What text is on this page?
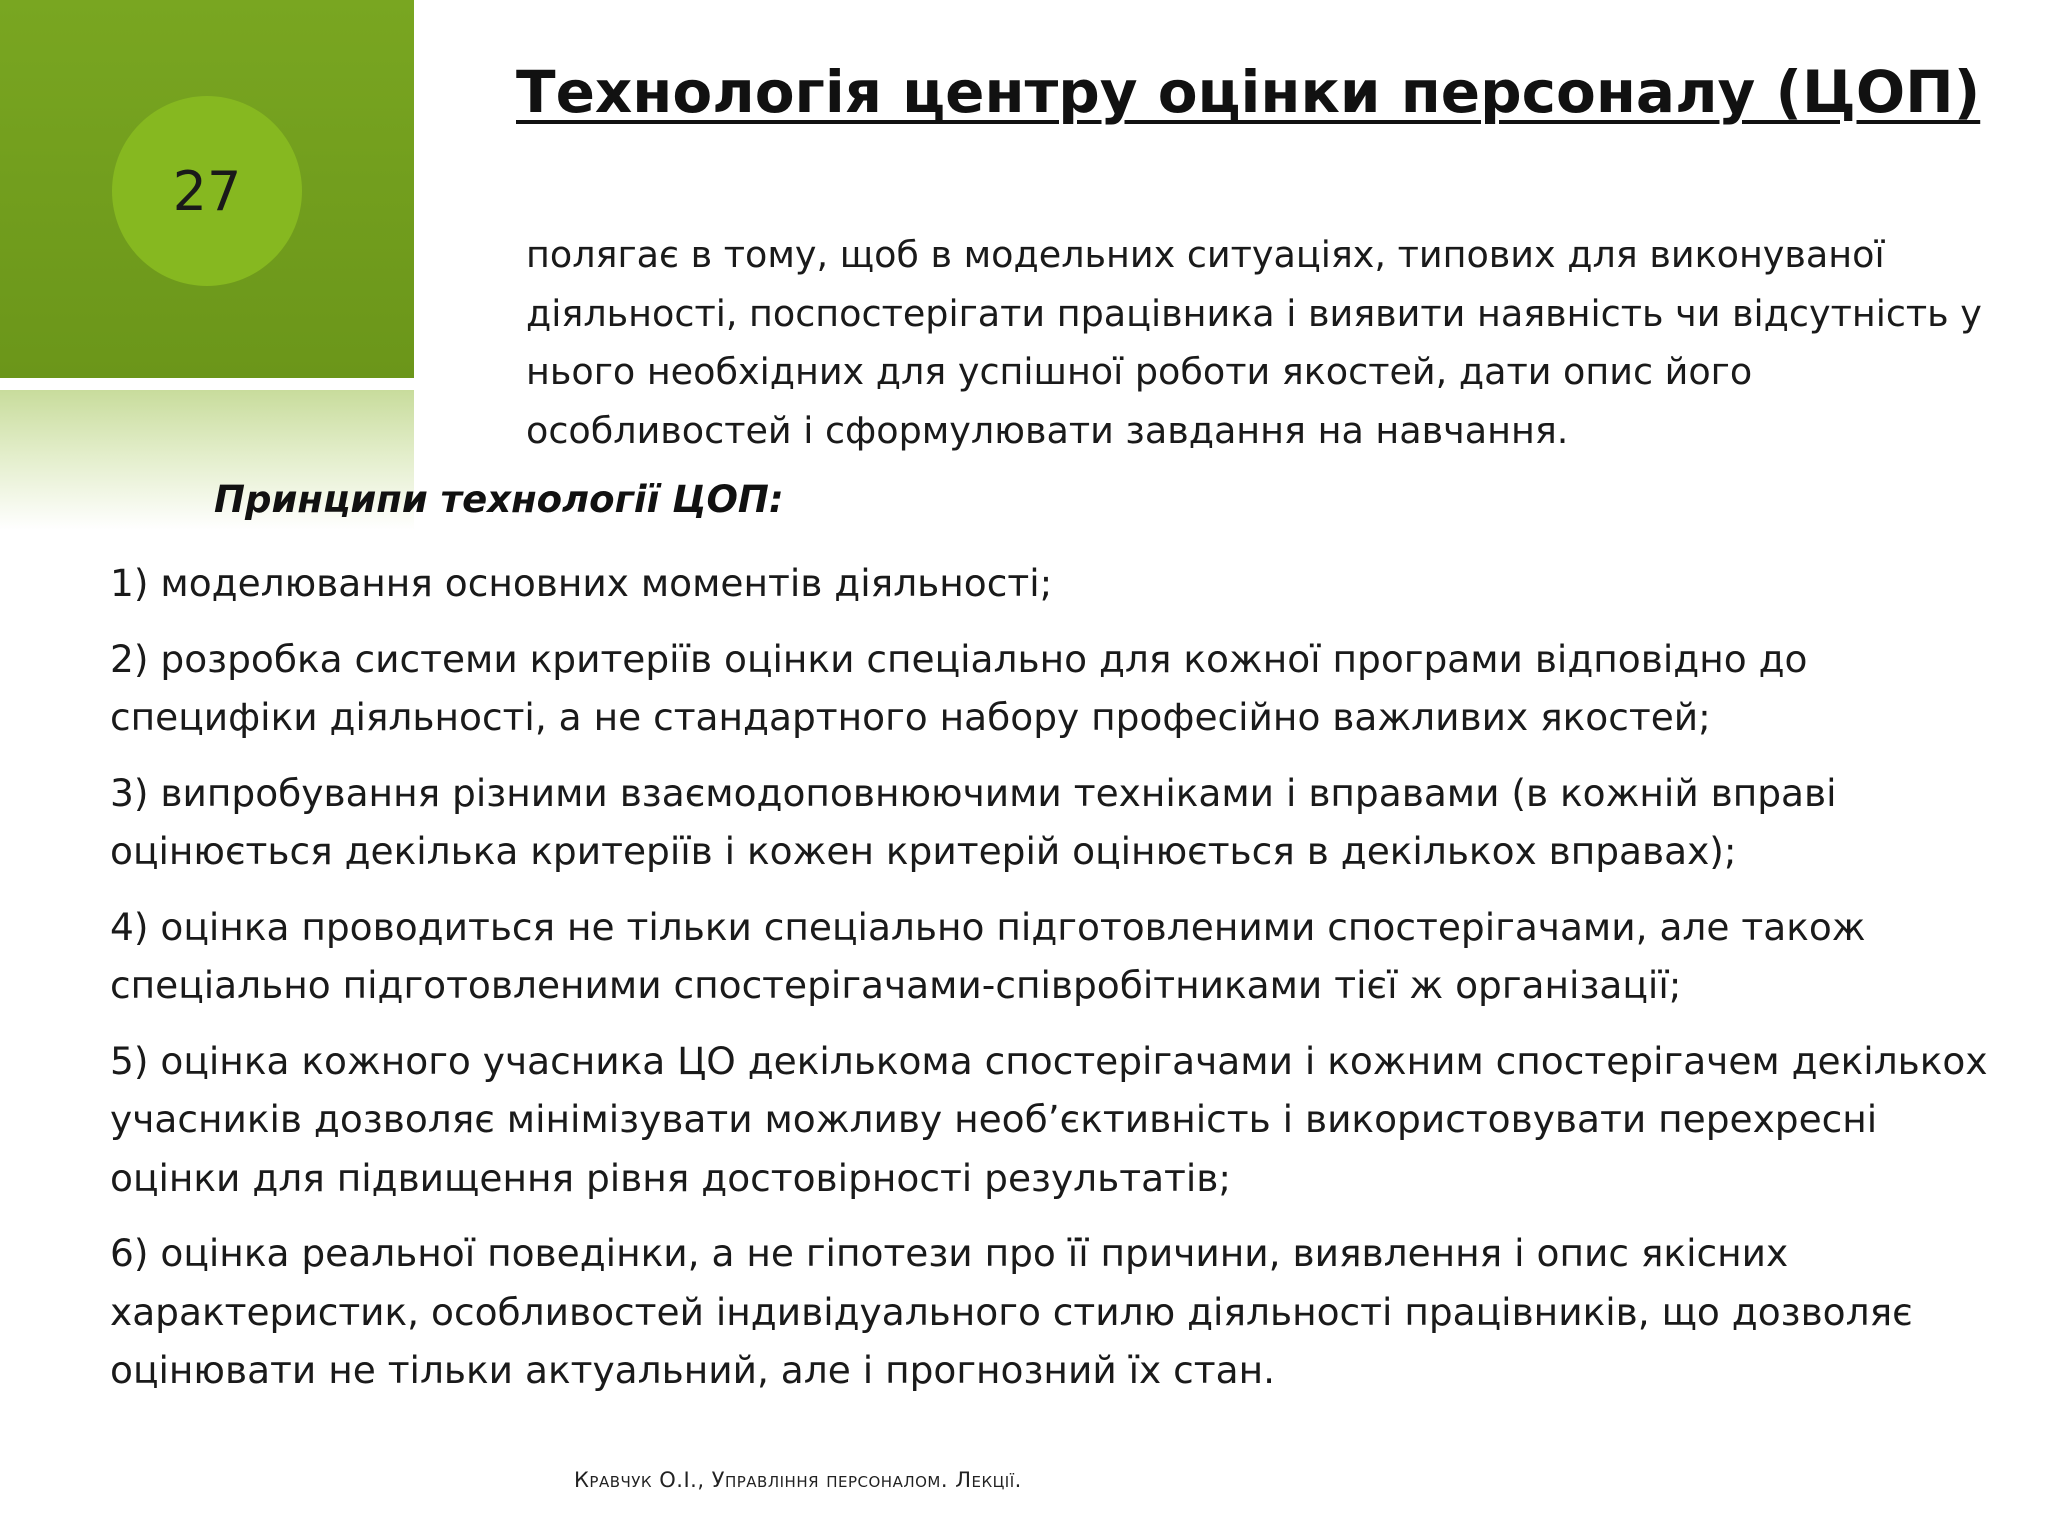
27
Технологія центру оцінки персоналу (ЦОП)

полягає в тому, щоб в модельних ситуаціях, типових для виконуваної діяльності, поспостерігати працівника і виявити наявність чи відсутність у нього необхідних для успішної роботи якостей, дати опис його особливостей і сформулювати завдання на навчання.

Принципи технології ЦОП:

1) моделювання основних моментів діяльності;
2) розробка системи критеріїв оцінки спеціально для кожної програми відповідно до специфіки діяльності, а не стандартного набору професійно важливих якостей;
3) випробування різними взаємодоповнюючими техніками і вправами (в кожній вправі оцінюється декілька критеріїв і кожен критерій оцінюється в декількох вправах);
4) оцінка проводиться не тільки спеціально підготовленими спостерігачами, але також спеціально підготовленими спостерігачами-співробітниками тієї ж організації;
5) оцінка кожного учасника ЦО декількома спостерігачами і кожним спостерігачем декількох учасників дозволяє мінімізувати можливу необ’єктивність і використовувати перехресні оцінки для підвищення рівня достовірності результатів;
6) оцінка реальної поведінки, а не гіпотези про її причини, виявлення і опис якісних характеристик, особливостей індивідуального стилю діяльності працівників, що дозволяє оцінювати не тільки актуальний, але і прогнозний їх стан.

Кравчук О.І., Управління персоналом. Лекції.
